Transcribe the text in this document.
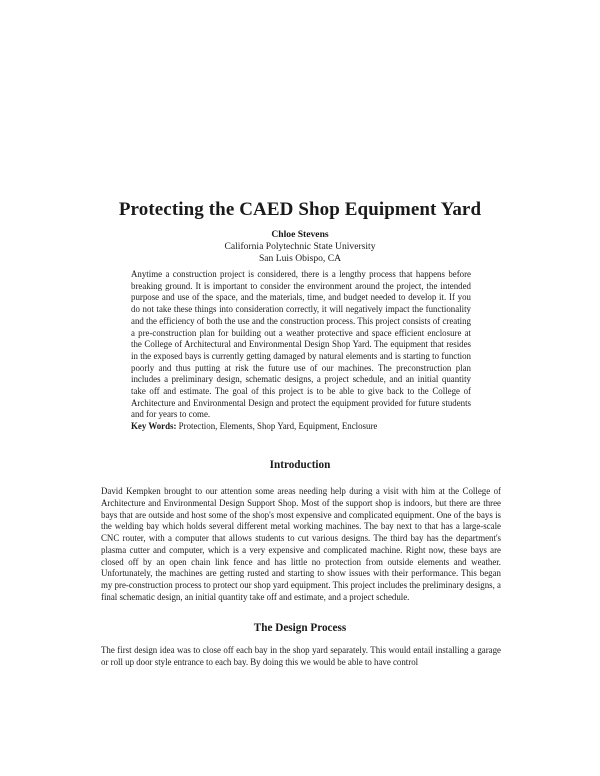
Protecting the CAED Shop Equipment Yard
Chloe Stevens
California Polytechnic State University
San Luis Obispo, CA
Anytime a construction project is considered, there is a lengthy process that happens before breaking ground. It is important to consider the environment around the project, the intended purpose and use of the space, and the materials, time, and budget needed to develop it. If you do not take these things into consideration correctly, it will negatively impact the functionality and the efficiency of both the use and the construction process. This project consists of creating a pre-construction plan for building out a weather protective and space efficient enclosure at the College of Architectural and Environmental Design Shop Yard. The equipment that resides in the exposed bays is currently getting damaged by natural elements and is starting to function poorly and thus putting at risk the future use of our machines. The preconstruction plan includes a preliminary design, schematic designs, a project schedule, and an initial quantity take off and estimate. The goal of this project is to be able to give back to the College of Architecture and Environmental Design and protect the equipment provided for future students and for years to come.
Key Words: Protection, Elements, Shop Yard, Equipment, Enclosure
Introduction
David Kempken brought to our attention some areas needing help during a visit with him at the College of Architecture and Environmental Design Support Shop. Most of the support shop is indoors, but there are three bays that are outside and host some of the shop's most expensive and complicated equipment. One of the bays is the welding bay which holds several different metal working machines. The bay next to that has a large-scale CNC router, with a computer that allows students to cut various designs. The third bay has the department's plasma cutter and computer, which is a very expensive and complicated machine. Right now, these bays are closed off by an open chain link fence and has little no protection from outside elements and weather. Unfortunately, the machines are getting rusted and starting to show issues with their performance. This began my pre-construction process to protect our shop yard equipment. This project includes the preliminary designs, a final schematic design, an initial quantity take off and estimate, and a project schedule.
The Design Process
The first design idea was to close off each bay in the shop yard separately. This would entail installing a garage or roll up door style entrance to each bay. By doing this we would be able to have control
